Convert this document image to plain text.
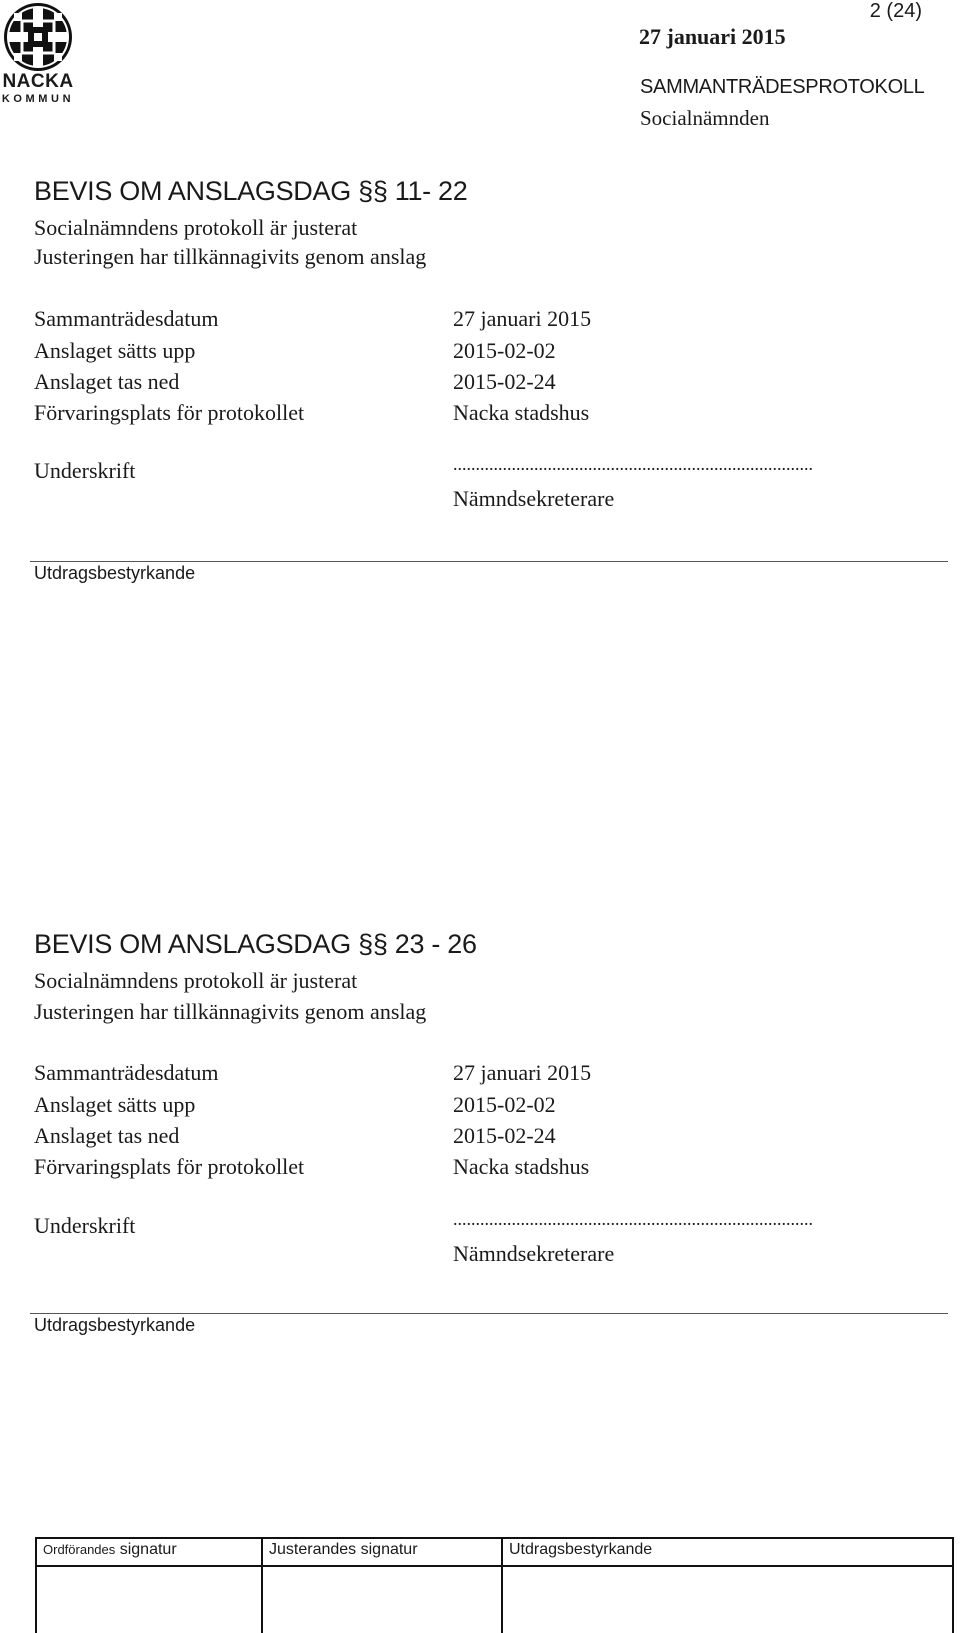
NACKA
KOMMUN
2 (24)
27 januari 2015
SAMMANTRÄDESPROTOKOLL
Socialnämnden
BEVIS OM ANSLAGSDAG §§ 11- 22
Socialnämndens protokoll är justerat
Justeringen har tillkännagivits genom anslag
Sammanträdesdatum	27 januari 2015
Anslaget sätts upp	2015-02-02
Anslaget tas ned	2015-02-24
Förvaringsplats för protokollet	Nacka stadshus
Underskrift	................................................................................
Nämndsekreterare
Utdragsbestyrkande
BEVIS OM ANSLAGSDAG §§ 23 - 26
Socialnämndens protokoll är justerat
Justeringen har tillkännagivits genom anslag
Sammanträdesdatum	27 januari 2015
Anslaget sätts upp	2015-02-02
Anslaget tas ned	2015-02-24
Förvaringsplats för protokollet	Nacka stadshus
Underskrift	................................................................................
Nämndsekreterare
Utdragsbestyrkande
Ordförandes signatur	Justerandes signatur	Utdragsbestyrkande
